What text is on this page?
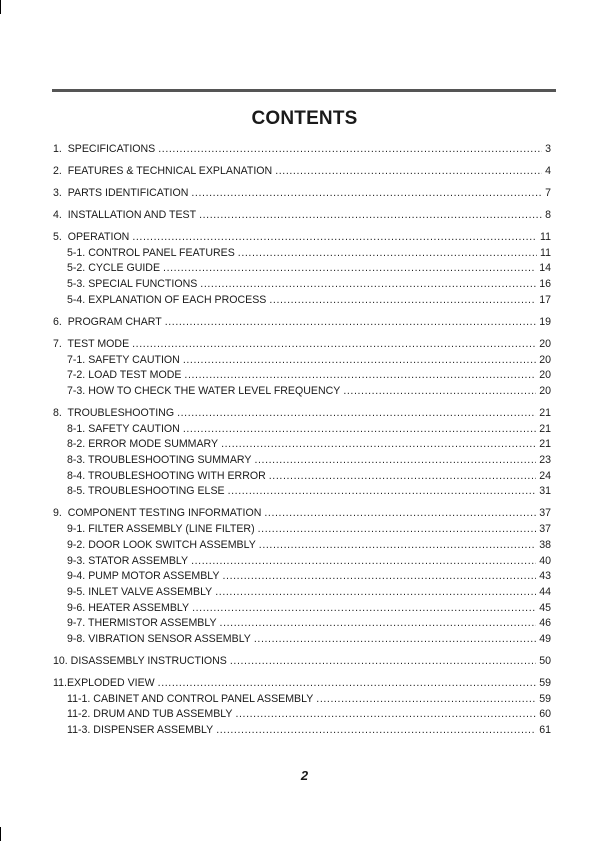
CONTENTS
1.  SPECIFICATIONS .....	3
2.  FEATURES & TECHNICAL EXPLANATION .....	4
3.  PARTS IDENTIFICATION .....	7
4.  INSTALLATION AND TEST .....	8
5.  OPERATION .....	11
5-1. CONTROL PANEL FEATURES .....	11
5-2. CYCLE GUIDE .....	14
5-3. SPECIAL FUNCTIONS .....	16
5-4. EXPLANATION OF EACH PROCESS .....	17
6.  PROGRAM CHART .....	19
7.  TEST MODE .....	20
7-1. SAFETY CAUTION .....	20
7-2. LOAD TEST MODE .....	20
7-3. HOW TO CHECK THE WATER LEVEL FREQUENCY .....	20
8.  TROUBLESHOOTING .....	21
8-1. SAFETY CAUTION .....	21
8-2. ERROR MODE SUMMARY .....	21
8-3. TROUBLESHOOTING SUMMARY .....	23
8-4. TROUBLESHOOTING WITH ERROR .....	24
8-5. TROUBLESHOOTING ELSE .....	31
9.  COMPONENT TESTING INFORMATION .....	37
9-1. FILTER ASSEMBLY (LINE FILTER) .....	37
9-2. DOOR LOOK SWITCH ASSEMBLY .....	38
9-3. STATOR ASSEMBLY .....	40
9-4. PUMP MOTOR ASSEMBLY .....	43
9-5. INLET VALVE ASSEMBLY .....	44
9-6. HEATER ASSEMBLY .....	45
9-7. THERMISTOR ASSEMBLY .....	46
9-8. VIBRATION SENSOR ASSEMBLY .....	49
10. DISASSEMBLY INSTRUCTIONS .....	50
11.EXPLODED VIEW .....	59
11-1. CABINET AND CONTROL PANEL ASSEMBLY .....	59
11-2. DRUM AND TUB ASSEMBLY .....	60
11-3. DISPENSER ASSEMBLY .....	61
2
